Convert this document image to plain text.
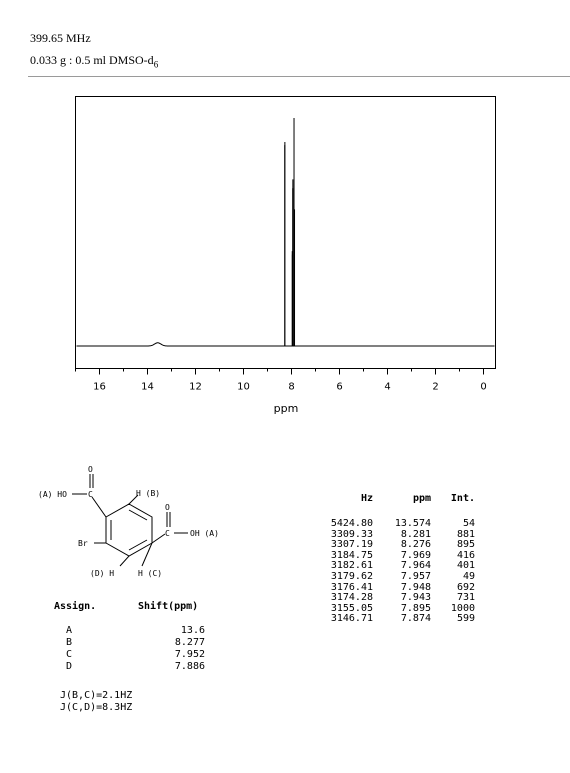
399.65 MHz
0.033 g : 0.5 ml DMSO-$d_6$
16	14	12	10	8	6	4	2	0
ppm
O
(A) HO	C	H (B)
O
C	OH (A)
Br
(D) H	H (C)
Assign.	Shift(ppm)
A	13.6
B	8.277
C	7.952
D	7.886
J(B,C)=2.1HZ
J(C,D)=8.3HZ
Hz	ppm	Int.

5424.80	13.574	54
3309.33	8.281	881
3307.19	8.276	895
3184.75	7.969	416
3182.61	7.964	401
3179.62	7.957	49
3176.41	7.948	692
3174.28	7.943	731
3155.05	7.895	1000
3146.71	7.874	599
